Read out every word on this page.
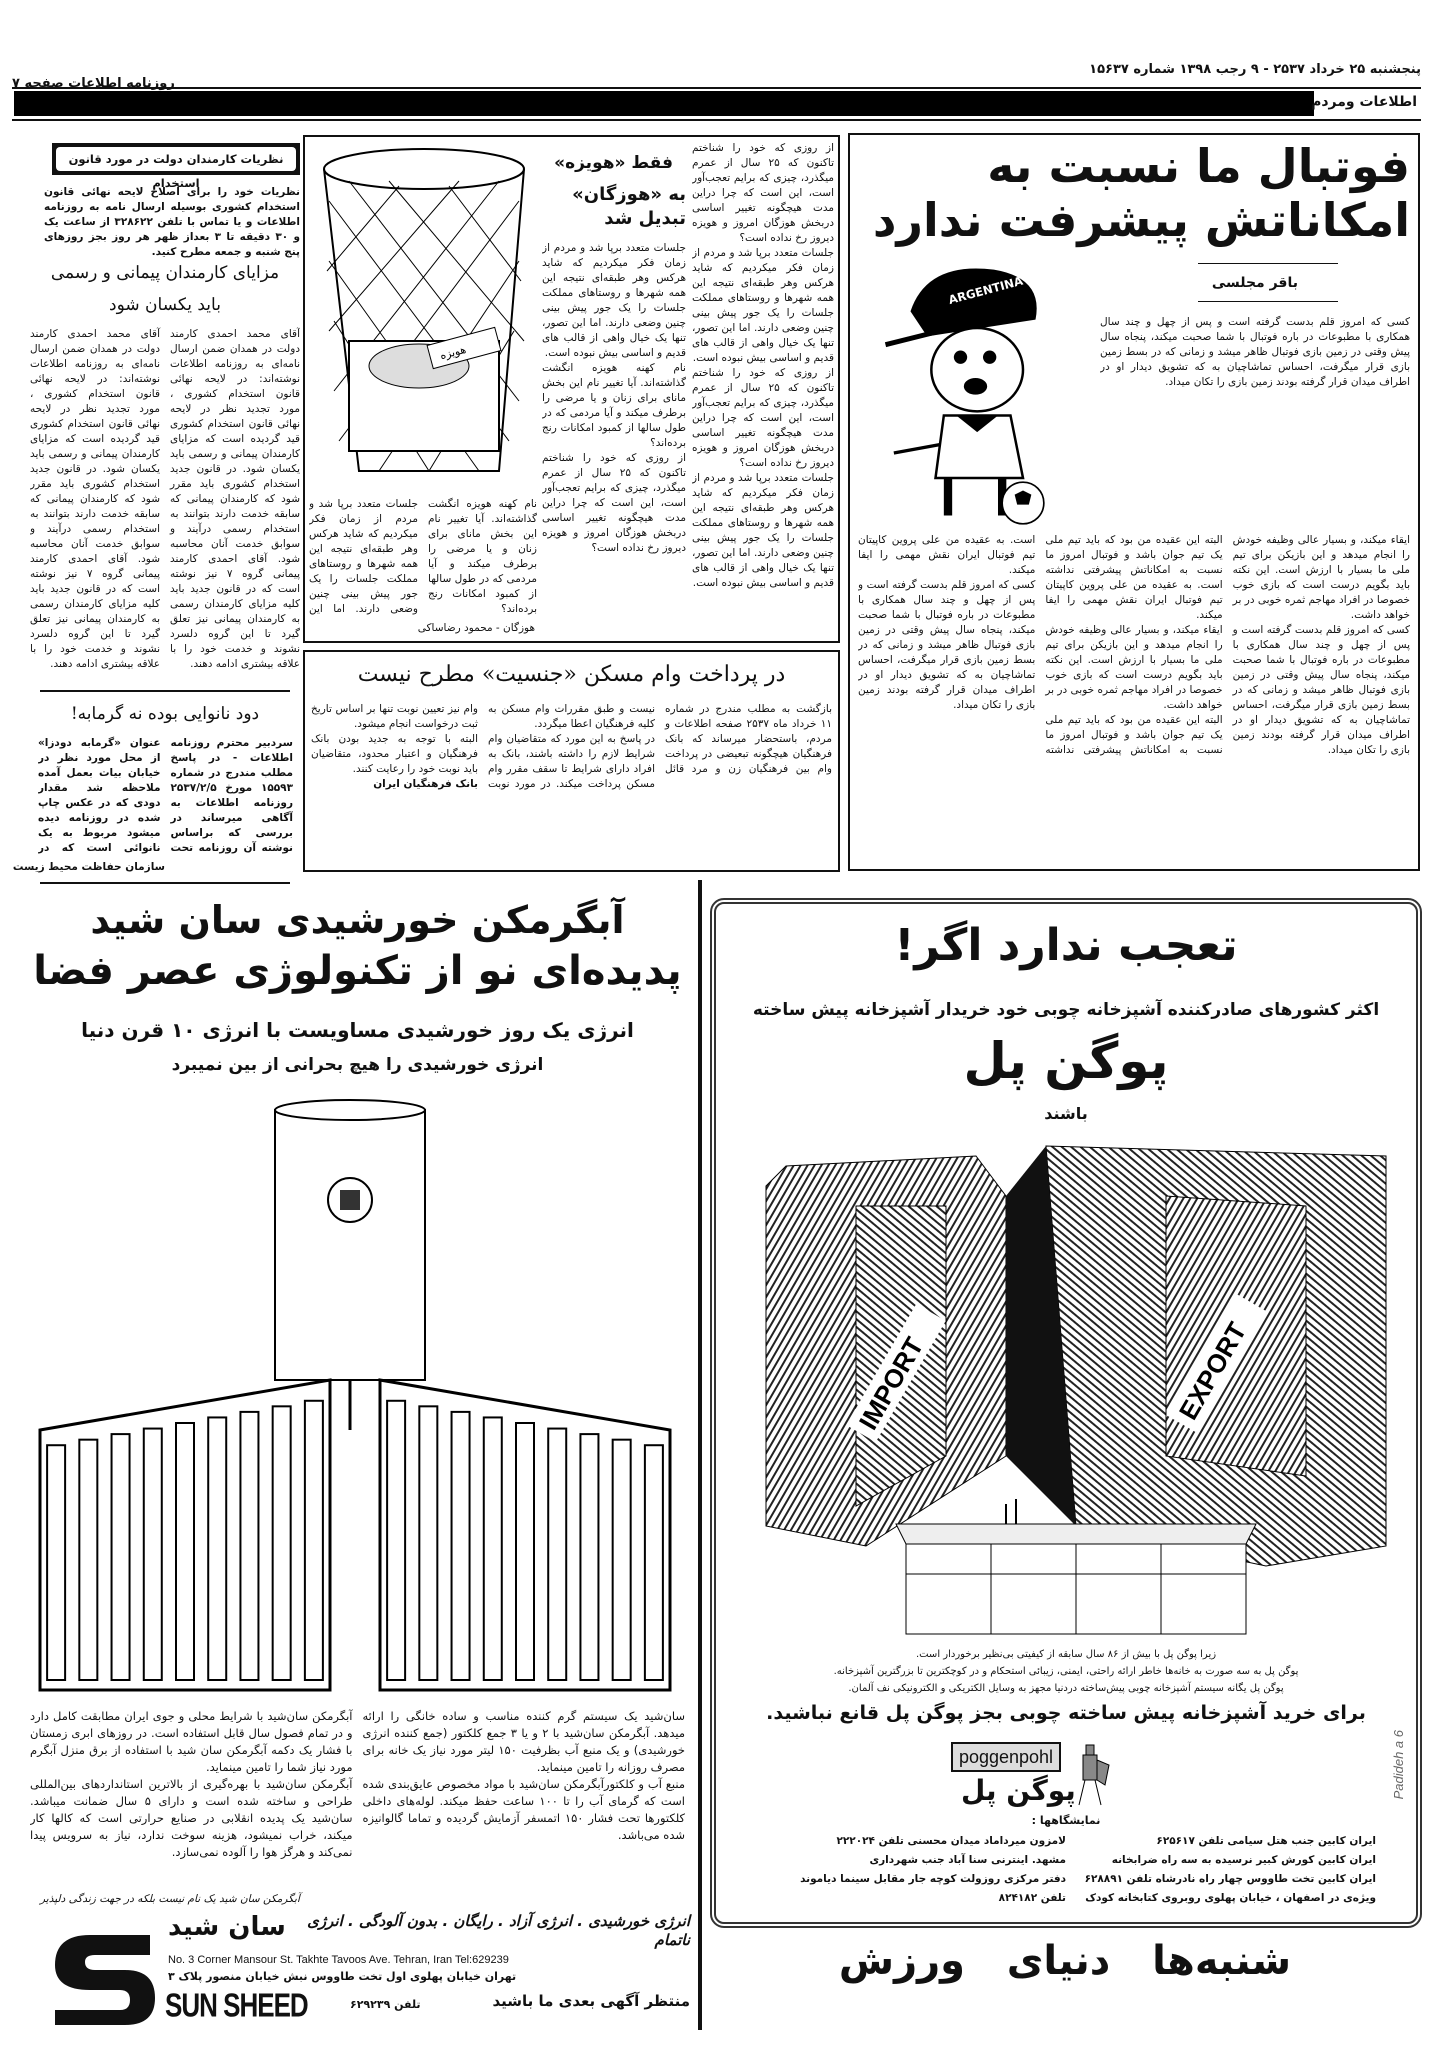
پنجشنبه ۲۵ خرداد ۲۵۳۷ - ۹ رجب ۱۳۹۸ شماره ۱۵۶۳۷
روزنامه اطلاعات صفحه ۷
اطلاعات ومردم
فوتبال ما نسبت به امکاناتش پیشرفت ندارد
ARGENTINA '78	باقر مجلسی
کسی که امروز قلم بدست گرفته است و پس از چهل و چند سال همکاری با مطبوعات در باره فوتبال با شما صحبت میکند، پنجاه سال پیش وقتی در زمین بازی فوتبال ظاهر میشد و زمانی که در بسط زمین بازی قرار میگرفت، احساس تماشاچیان به که تشویق دیدار او در اطراف میدان قرار گرفته بودند زمین بازی را تکان میداد.

ایقاء میکند، و بسیار عالی وظیفه خودش را انجام میدهد و این بازیکن برای تیم ملی ما بسیار با ارزش است. این نکته باید بگویم درست است که بازی خوب خصوصا در افراد مهاجم ثمره خوبی در بر خواهد داشت.

کسی که امروز قلم بدست گرفته است و پس از چهل و چند سال همکاری با مطبوعات در باره فوتبال با شما صحبت میکند، پنجاه سال پیش وقتی در زمین بازی فوتبال ظاهر میشد و زمانی که در بسط زمین بازی قرار میگرفت، احساس تماشاچیان به که تشویق دیدار او در اطراف میدان قرار گرفته بودند زمین بازی را تکان میداد.

البته این عقیده من بود که باید تیم ملی یک تیم جوان باشد و فوتبال امروز ما نسبت به امکاناتش پیشرفتی نداشته است. به عقیده من علی پروین کاپیتان تیم فوتبال ایران نقش مهمی را ایفا میکند.

ایقاء میکند، و بسیار عالی وظیفه خودش را انجام میدهد و این بازیکن برای تیم ملی ما بسیار با ارزش است. این نکته باید بگویم درست است که بازی خوب خصوصا در افراد مهاجم ثمره خوبی در بر خواهد داشت.

البته این عقیده من بود که باید تیم ملی یک تیم جوان باشد و فوتبال امروز ما نسبت به امکاناتش پیشرفتی نداشته است. به عقیده من علی پروین کاپیتان تیم فوتبال ایران نقش مهمی را ایفا میکند.

کسی که امروز قلم بدست گرفته است و پس از چهل و چند سال همکاری با مطبوعات در باره فوتبال با شما صحبت میکند، پنجاه سال پیش وقتی در زمین بازی فوتبال ظاهر میشد و زمانی که در بسط زمین بازی قرار میگرفت، احساس تماشاچیان به که تشویق دیدار او در اطراف میدان قرار گرفته بودند زمین بازی را تکان میداد.

از روزی که خود را شناختم تاکنون که ۲۵ سال از عمرم میگذرد، چیزی که برایم تعجب‌آور است، این است که چرا دراین مدت هیچگونه تغییر اساسی دربخش هوزگان امروز و هویزه دیروز رخ نداده است؟

جلسات متعدد برپا شد و مردم از زمان فکر میکردیم که شاید هرکس وهر طبقه‌ای نتیجه این همه شهرها و روستاهای مملکت جلسات را یک جور پیش بینی چنین وضعی دارند. اما این تصور، تنها یک خیال واهی از قالب های قدیم و اساسی بیش نبوده است.

از روزی که خود را شناختم تاکنون که ۲۵ سال از عمرم میگذرد، چیزی که برایم تعجب‌آور است، این است که چرا دراین مدت هیچگونه تغییر اساسی دربخش هوزگان امروز و هویزه دیروز رخ نداده است؟

جلسات متعدد برپا شد و مردم از زمان فکر میکردیم که شاید هرکس وهر طبقه‌ای نتیجه این همه شهرها و روستاهای مملکت جلسات را یک جور پیش بینی چنین وضعی دارند. اما این تصور، تنها یک خیال واهی از قالب های قدیم و اساسی بیش نبوده است.

فقط «هویزه»
به «هوزگان» تبدیل شد

جلسات متعدد برپا شد و مردم از زمان فکر میکردیم که شاید هرکس وهر طبقه‌ای نتیجه این همه شهرها و روستاهای مملکت جلسات را یک جور پیش بینی چنین وضعی دارند. اما این تصور، تنها یک خیال واهی از قالب های قدیم و اساسی بیش نبوده است.

نام کهنه هویزه انگشت گذاشته‌اند. آیا تغییر نام این بخش مانای برای زنان و یا مرضی را برطرف میکند و آیا مردمی که در طول سالها از کمبود امکانات رنج برده‌اند؟

از روزی که خود را شناختم تاکنون که ۲۵ سال از عمرم میگذرد، چیزی که برایم تعجب‌آور است، این است که چرا دراین مدت هیچگونه تغییر اساسی دربخش هوزگان امروز و هویزه دیروز رخ نداده است؟

هویزه

نام کهنه هویزه انگشت گذاشته‌اند. آیا تغییر نام این بخش مانای برای زنان و یا مرضی را برطرف میکند و آیا مردمی که در طول سالها از کمبود امکانات رنج برده‌اند؟

جلسات متعدد برپا شد و مردم از زمان فکر میکردیم که شاید هرکس وهر طبقه‌ای نتیجه این همه شهرها و روستاهای مملکت جلسات را یک جور پیش بینی چنین وضعی دارند. اما این

هوزگان - محمود رضاساکی
در پرداخت وام مسکن «جنسیت» مطرح نیست

بازگشت به مطلب مندرج در شماره ۱۱ خرداد ماه ۲۵۳۷ صفحه اطلاعات و مردم، باستحضار میرساند که بانک فرهنگیان هیچگونه تبعیضی در پرداخت وام بین فرهنگیان زن و مرد قائل نیست و طبق مقررات وام مسکن به کلیه فرهنگیان اعطا میگردد.

در پاسخ به این مورد که متقاضیان وام شرایط لازم را داشته باشند، بانک به افراد دارای شرایط تا سقف مقرر وام مسکن پرداخت میکند. در مورد نوبت وام نیز تعیین نوبت تنها بر اساس تاریخ ثبت درخواست انجام میشود.

البته با توجه به جدید بودن بانک فرهنگیان و اعتبار محدود، متقاضیان باید نوبت خود را رعایت کنند.

بانک فرهنگیان ایران

نظریات کارمندان دولت در مورد قانون استخدام
نظریات خود را برای اصلاح لایحه نهائی قانون استخدام کشوری بوسیله ارسال نامه به روزنامه اطلاعات و یا تماس با تلفن ۳۲۸۶۲۲ از ساعت یک و ۳۰ دقیقه تا ۳ بعداز ظهر هر روز بجز روزهای پنج شنبه و جمعه مطرح کنید.
مزایای کارمندان پیمانی و رسمی
باید یکسان شود

آقای محمد احمدی کارمند دولت در همدان ضمن ارسال نامه‌ای به روزنامه اطلاعات نوشته‌اند: در لایحه نهائی قانون استخدام کشوری ، مورد تجدید نظر در لایحه نهائی قانون استخدام کشوری قید گردیده است که مزایای کارمندان پیمانی و رسمی باید یکسان شود. در قانون جدید استخدام کشوری باید مقرر شود که کارمندان پیمانی که سابقه خدمت دارند بتوانند به استخدام رسمی درآیند و سوابق خدمت آنان محاسبه شود. آقای احمدی کارمند پیمانی گروه ۷ نیز نوشته است که در قانون جدید باید کلیه مزایای کارمندان رسمی به کارمندان پیمانی نیز تعلق گیرد تا این گروه دلسرد نشوند و خدمت خود را با علاقه بیشتری ادامه دهند.

آقای محمد احمدی کارمند دولت در همدان ضمن ارسال نامه‌ای به روزنامه اطلاعات نوشته‌اند: در لایحه نهائی قانون استخدام کشوری ، مورد تجدید نظر در لایحه نهائی قانون استخدام کشوری قید گردیده است که مزایای کارمندان پیمانی و رسمی باید یکسان شود. در قانون جدید استخدام کشوری باید مقرر شود که کارمندان پیمانی که سابقه خدمت دارند بتوانند به استخدام رسمی درآیند و سوابق خدمت آنان محاسبه شود. آقای احمدی کارمند پیمانی گروه ۷ نیز نوشته است که در قانون جدید باید کلیه مزایای کارمندان رسمی به کارمندان پیمانی نیز تعلق گیرد تا این گروه دلسرد نشوند و خدمت خود را با علاقه بیشتری ادامه دهند.

دود نانوایی بوده نه گرمابه!

سردبیر محترم روزنامه اطلاعات - در پاسخ مطلب مندرج در شماره ۱۵۵۹۳ مورخ ۲۵۳۷/۲/۵ روزنامه اطلاعات به آگاهی میرساند در بررسی که براساس نوشته آن روزنامه تحت عنوان «گرمابه دودزا» از محل مورد نظر در خیابان بیات بعمل آمده ملاحظه شد مقدار دودی که در عکس چاپ شده در روزنامه دیده میشود مربوط به یک نانوائی است که در

سازمان حفاظت محیط زیست
آبگرمکن خورشیدی سان شید
پدیده‌ای نو از تکنولوژی عصر فضا
انرژی یک روز خورشیدی مساویست با انرژی ۱۰ قرن دنیا
انرژی خورشیدی را هیچ بحرانی از بین نمیبرد

سان‌شید یک سیستم گرم کننده مناسب و ساده خانگی را ارائه میدهد. آبگرمکن سان‌شید با ۲ و یا ۳ جمع کلکتور (جمع کننده انرژی خورشیدی) و یک منبع آب بظرفیت ۱۵۰ لیتر مورد نیاز یک خانه برای مصرف روزانه را تامین مینماید.

منبع آب و کلکتورآبگرمکن سان‌شید با مواد مخصوص عایق‌بندی شده است که گرمای آب را تا ۱۰۰ ساعت حفظ میکند. لوله‌های داخلی کلکتورها تحت فشار ۱۵۰ اتمسفر آزمایش گردیده و تماما گالوانیزه شده می‌باشد.

آبگرمکن سان‌شید با شرایط محلی و جوی ایران مطابقت کامل دارد و در تمام فصول سال قابل استفاده است. در روزهای ابری زمستان با فشار یک دکمه آبگرمکن سان شید با استفاده از برق منزل آبگرم مورد نیاز شما را تامین مینماید.

آبگرمکن سان‌شید با بهره‌گیری از بالاترین استانداردهای بین‌المللی طراحی و ساخته شده است و دارای ۵ سال ضمانت میباشد. سان‌شید یک پدیده انقلابی در صنایع حرارتی است که کالها کار میکند، خراب نمیشود، هزینه سوخت ندارد، نیاز به سرویس پیدا نمی‌کند و هرگز هوا را آلوده نمی‌سازد.

آبگرمکن سان شید یک نام نیست بلکه در جهت زندگی دلپذیر
سان شید	انرژی خورشیدی . انرژی آزاد . رایگان . بدون آلودگی . انرژی ناتمام
No. 3 Corner Mansour St. Takhte Tavoos Ave. Tehran, Iran Tel:629239
تهران خیابان پهلوی اول تخت طاووس نبش خیابان منصور پلاک ۳
SUN SHEED	تلفن ۶۲۹۲۳۹	منتظر آگهی بعدی ما باشید
تعجب ندارد اگر!
اکثر کشورهای صادرکننده آشپزخانه چوبی خود خریدار آشپزخانه پیش ساخته
پوگن پل
باشند
IMPORT	EXPORT
زیرا پوگن پل با بیش از ۸۶ سال سابقه از کیفیتی بی‌نظیر برخوردار است.
پوگن پل به سه صورت به خانه‌ها خاطر ارائه راحتی، ایمنی، زیبائی استحکام و در کوچکترین تا بزرگترین آشپزخانه.
پوگن پل یگانه سیستم آشپزخانه چوبی پیش‌ساخته دردنیا مجهز به وسایل الکتریکی و الکترونیکی نف آلمان.
برای خرید آشپزخانه پیش ساخته چوبی بجز پوگن پل قانع نباشید.
poggenpohl
پوگن پل	Padideh a 6
نمایشگاهها :
ایران کابین جنب هتل سیامی تلفن ۶۲۵۶۱۷
ایران کابین کورش کبیر نرسیده به سه راه ضرابخانه
ایران کابین تخت طاووس چهار راه نادرشاه تلفن ۶۲۸۸۹۱
ویژه‌ی در اصفهان ، خیابان پهلوی روبروی کتابخانه کودک
لامزون میرداماد میدان محسنی تلفن ۲۲۲۰۲۴
مشهد. اینترنی سنا آباد جنب شهرداری
دفتر مرکزی روزولت کوچه جار مقابل سینما دیاموند
تلفن ۸۲۴۱۸۲
شنبه‌ها   دنیای   ورزش
